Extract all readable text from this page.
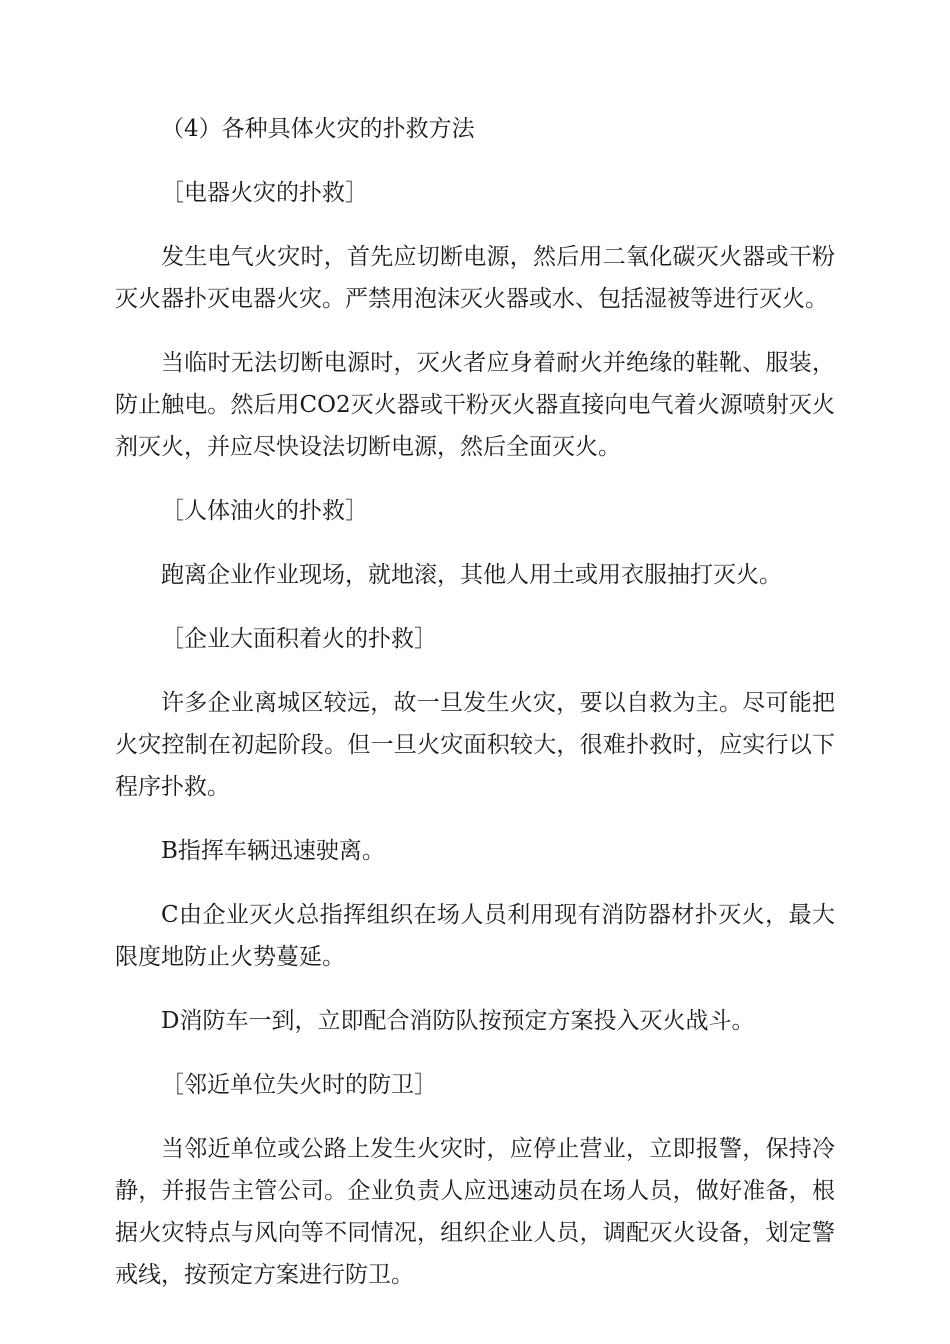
（4）各种具体火灾的扑救方法

［电器火灾的扑救］

发生电气火灾时，首先应切断电源，然后用二氧化碳灭火器或干粉灭火器扑灭电器火灾。严禁用泡沫灭火器或水、包括湿被等进行灭火。

当临时无法切断电源时，灭火者应身着耐火并绝缘的鞋靴、服装，防止触电。然后用CO2灭火器或干粉灭火器直接向电气着火源喷射灭火剂灭火，并应尽快设法切断电源，然后全面灭火。

［人体油火的扑救］

跑离企业作业现场，就地滚，其他人用土或用衣服抽打灭火。

［企业大面积着火的扑救］

许多企业离城区较远，故一旦发生火灾，要以自救为主。尽可能把火灾控制在初起阶段。但一旦火灾面积较大，很难扑救时，应实行以下程序扑救。

B指挥车辆迅速驶离。

C由企业灭火总指挥组织在场人员利用现有消防器材扑灭火，最大限度地防止火势蔓延。

D消防车一到，立即配合消防队按预定方案投入灭火战斗。

［邻近单位失火时的防卫］

当邻近单位或公路上发生火灾时，应停止营业，立即报警，保持冷静，并报告主管公司。企业负责人应迅速动员在场人员，做好准备，根据火灾特点与风向等不同情况，组织企业人员，调配灭火设备，划定警戒线，按预定方案进行防卫。
